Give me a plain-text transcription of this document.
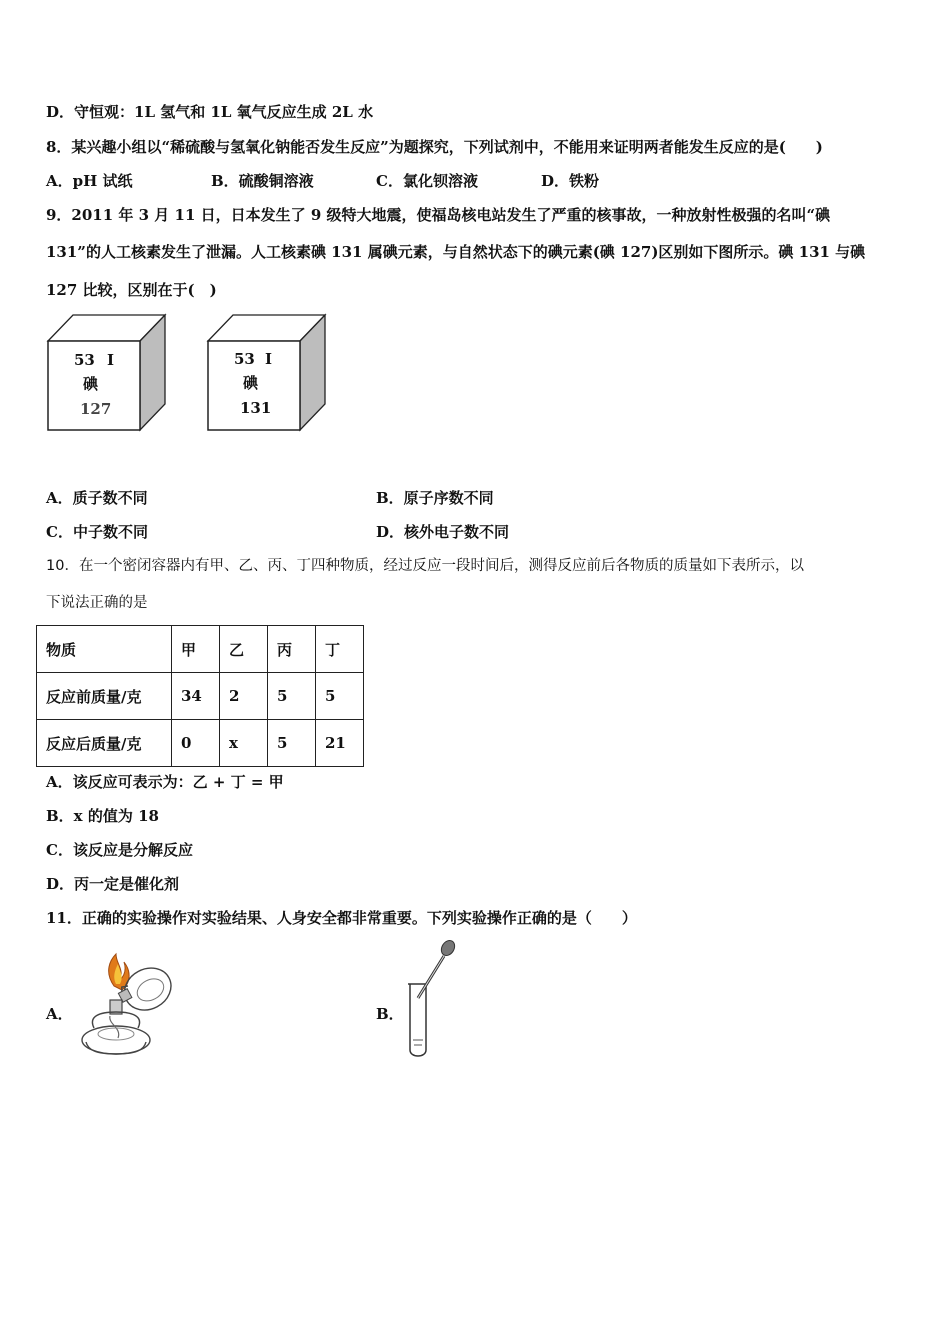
D．守恒观：1L 氢气和 1L 氧气反应生成 2L 水
8．某兴趣小组以“稀硫酸与氢氧化钠能否发生反应”为题探究，下列试剂中，不能用来证明两者能发生反应的是(　　)
A．pH 试纸	B．硫酸铜溶液	C．氯化钡溶液	D．铁粉
9．2011 年 3 月 11 日，日本发生了 9 级特大地震，使福岛核电站发生了严重的核事故，一种放射性极强的名叫“碘
131”的人工核素发生了泄漏。人工核素碘 131 属碘元素，与自然状态下的碘元素(碘 127)区别如下图所示。碘 131 与碘
127 比较，区别在于(　)
53 I
碘
127
53 I
碘
131
A．质子数不同	B．原子序数不同
C．中子数不同	D．核外电子数不同
10．在一个密闭容器内有甲、乙、丙、丁四种物质，经过反应一段时间后，测得反应前后各物质的质量如下表所示，以
下说法正确的是
物质	甲	乙	丙	丁
反应前质量/克	34	2	5	5
反应后质量/克	0	x	5	21
A．该反应可表示为：乙 + 丁 = 甲
B．x 的值为 18
C．该反应是分解反应
D．丙一定是催化剂
11．正确的实验操作对实验结果、人身安全都非常重要。下列实验操作正确的是（　　）
A．	B．
